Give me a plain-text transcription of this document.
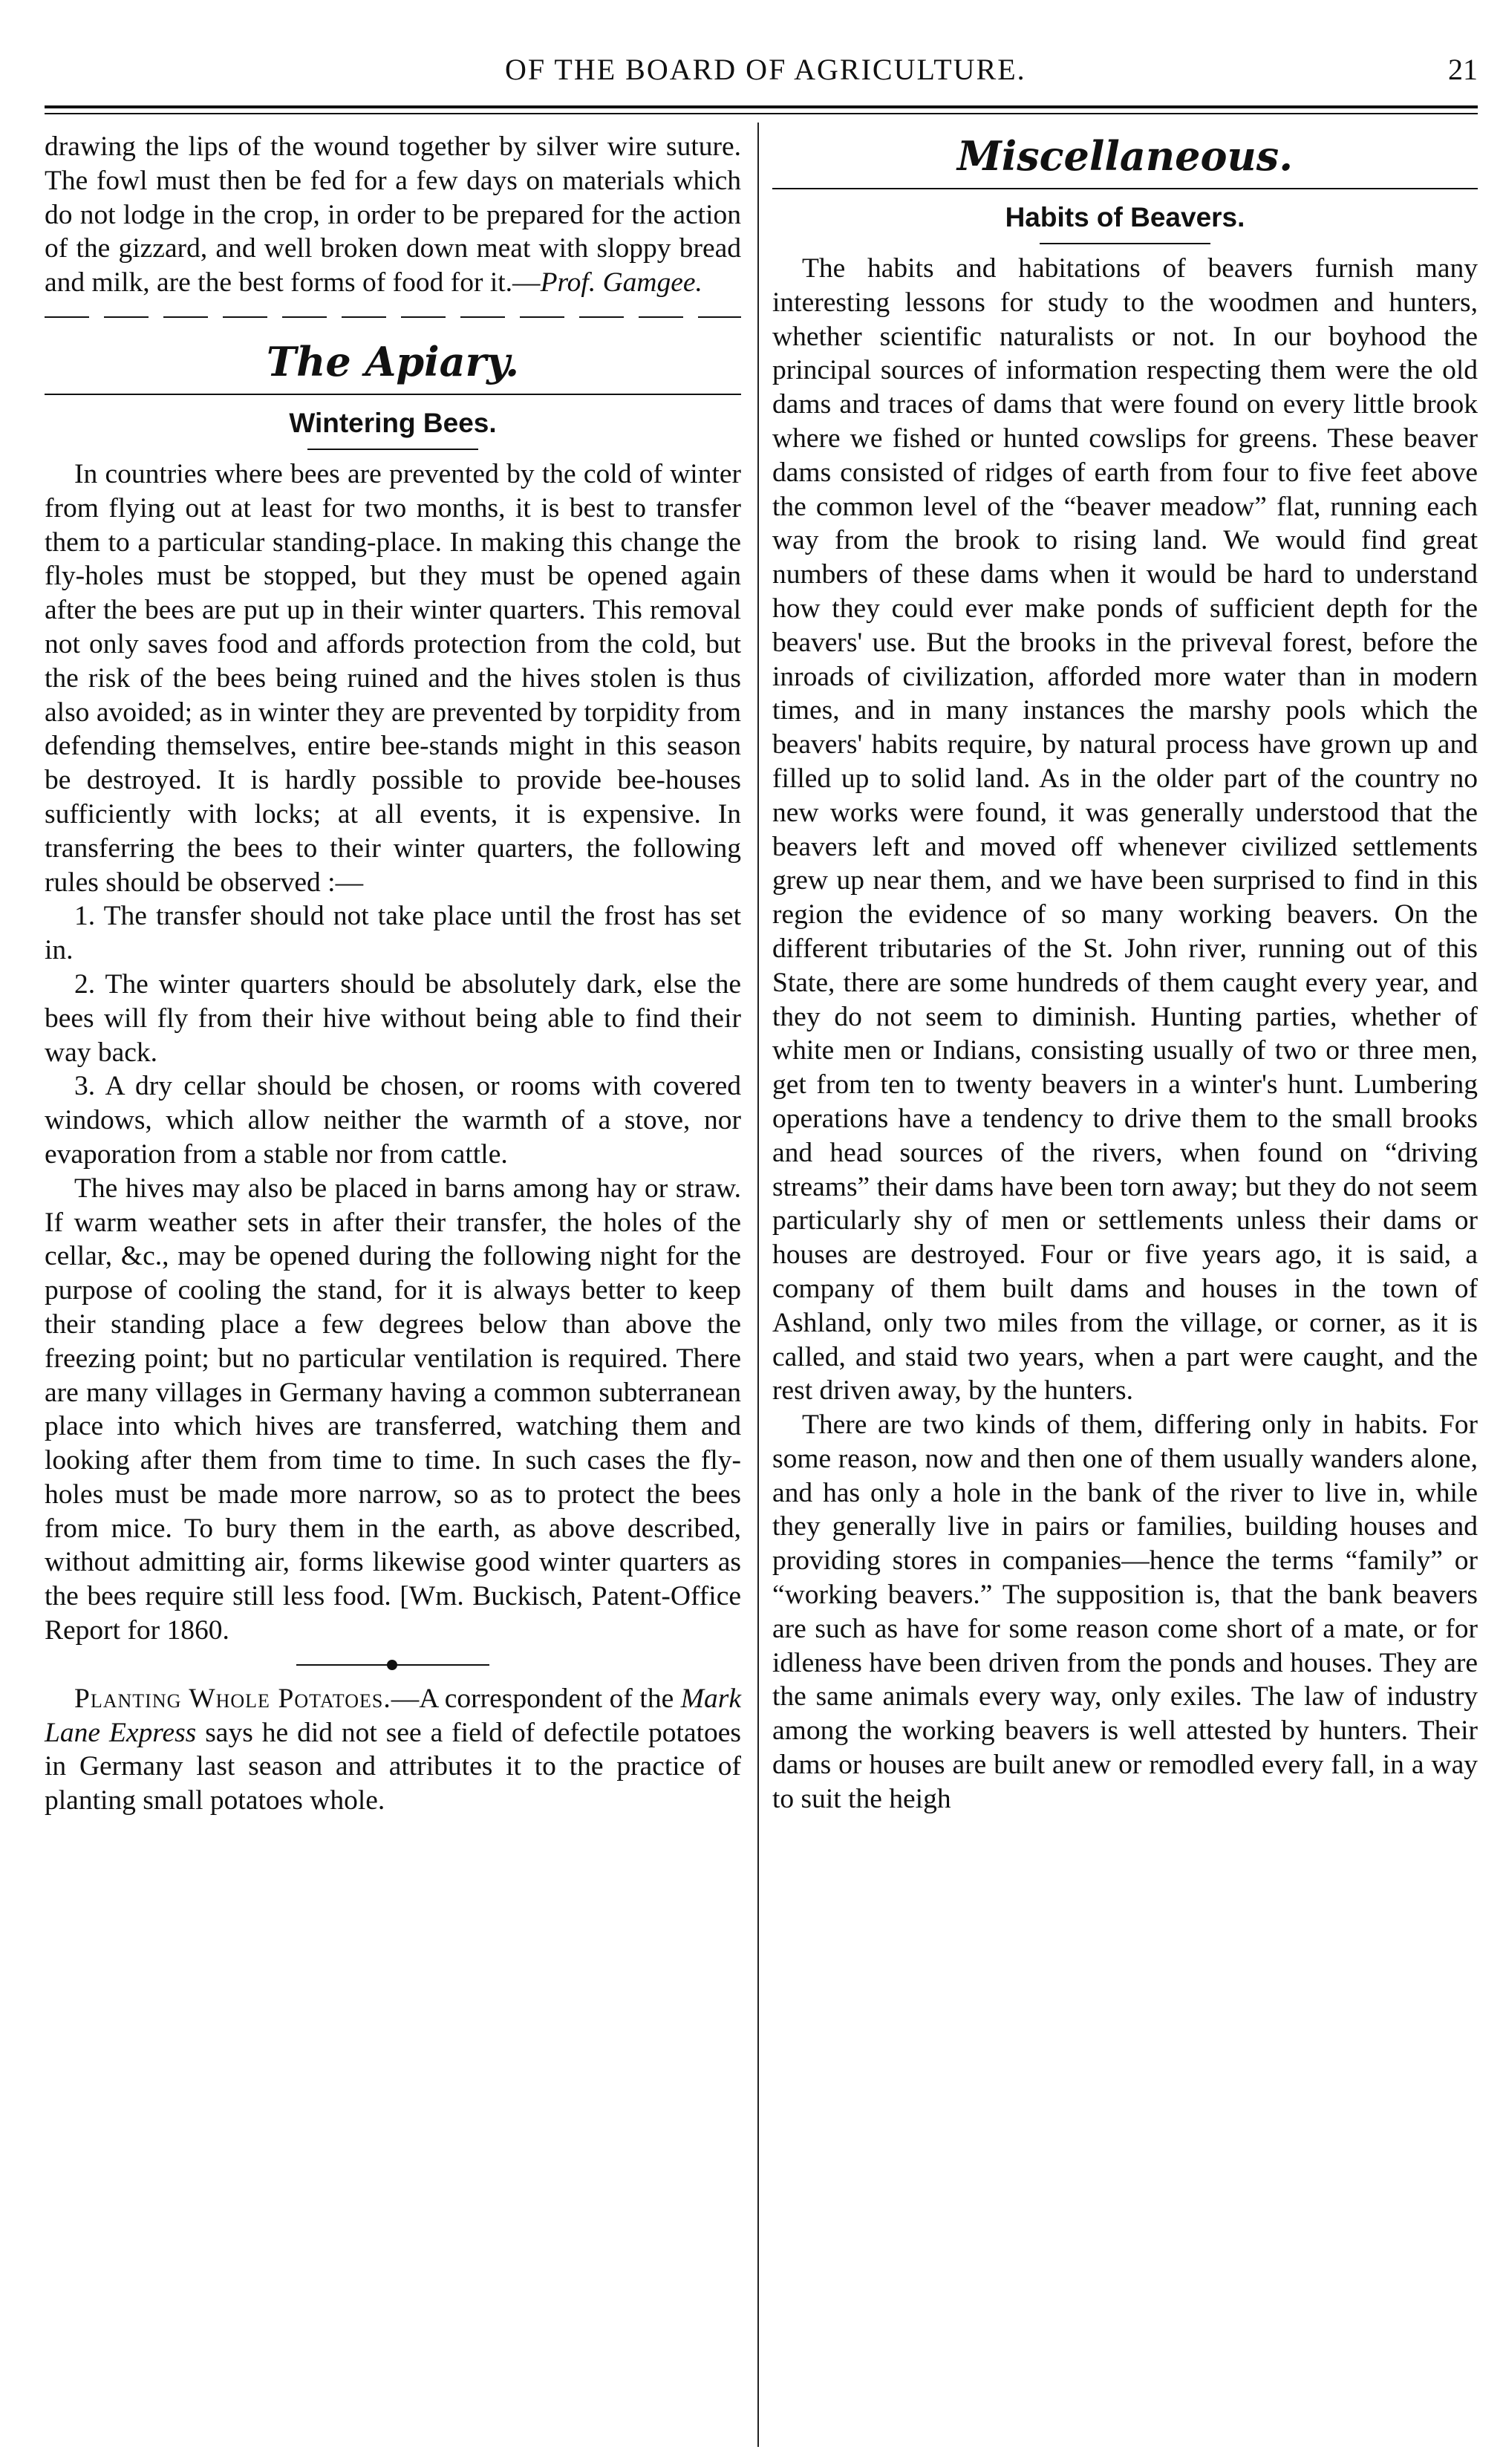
OF THE BOARD OF AGRICULTURE.	21

drawing the lips of the wound together by silver wire suture. The fowl must then be fed for a few days on materials which do not lodge in the crop, in order to be prepared for the action of the gizzard, and well broken down meat with sloppy bread and milk, are the best forms of food for it.—Prof. Gamgee.

The Apiary.

Wintering Bees.

In countries where bees are prevented by the cold of winter from flying out at least for two months, it is best to transfer them to a particular standing-place. In making this change the fly-holes must be stopped, but they must be opened again after the bees are put up in their winter quarters. This removal not only saves food and affords protection from the cold, but the risk of the bees being ruined and the hives stolen is thus also avoided; as in winter they are prevented by torpidity from defending themselves, entire bee-stands might in this season be destroyed. It is hardly possible to provide bee-houses sufficiently with locks; at all events, it is expensive. In transferring the bees to their winter quarters, the following rules should be observed :—

1. The transfer should not take place until the frost has set in.

2. The winter quarters should be absolutely dark, else the bees will fly from their hive without being able to find their way back.

3. A dry cellar should be chosen, or rooms with covered windows, which allow neither the warmth of a stove, nor evaporation from a stable nor from cattle.

The hives may also be placed in barns among hay or straw. If warm weather sets in after their transfer, the holes of the cellar, &c., may be opened during the following night for the purpose of cooling the stand, for it is always better to keep their standing place a few degrees below than above the freezing point; but no particular ventilation is required. There are many villages in Germany having a common subterranean place into which hives are transferred, watching them and looking after them from time to time. In such cases the fly-holes must be made more narrow, so as to protect the bees from mice. To bury them in the earth, as above described, without admitting air, forms likewise good winter quarters as the bees require still less food. [Wm. Buckisch, Patent-Office Report for 1860.

Planting Whole Potatoes.—A correspondent of the Mark Lane Express says he did not see a field of defectile potatoes in Germany last season and attributes it to the practice of planting small potatoes whole.

Miscellaneous.

Habits of Beavers.

The habits and habitations of beavers furnish many interesting lessons for study to the woodmen and hunters, whether scientific naturalists or not. In our boyhood the principal sources of information respecting them were the old dams and traces of dams that were found on every little brook where we fished or hunted cowslips for greens. These beaver dams consisted of ridges of earth from four to five feet above the common level of the “beaver meadow” flat, running each way from the brook to rising land. We would find great numbers of these dams when it would be hard to understand how they could ever make ponds of sufficient depth for the beavers' use. But the brooks in the priveval forest, before the inroads of civilization, afforded more water than in modern times, and in many instances the marshy pools which the beavers' habits require, by natural process have grown up and filled up to solid land. As in the older part of the country no new works were found, it was generally understood that the beavers left and moved off whenever civilized settlements grew up near them, and we have been surprised to find in this region the evidence of so many working beavers. On the different tributaries of the St. John river, running out of this State, there are some hundreds of them caught every year, and they do not seem to diminish. Hunting parties, whether of white men or Indians, consisting usually of two or three men, get from ten to twenty beavers in a winter's hunt. Lumbering operations have a tendency to drive them to the small brooks and head sources of the rivers, when found on “driving streams” their dams have been torn away; but they do not seem particularly shy of men or settlements unless their dams or houses are destroyed. Four or five years ago, it is said, a company of them built dams and houses in the town of Ashland, only two miles from the village, or corner, as it is called, and staid two years, when a part were caught, and the rest driven away, by the hunters.

There are two kinds of them, differing only in habits. For some reason, now and then one of them usually wanders alone, and has only a hole in the bank of the river to live in, while they generally live in pairs or families, building houses and providing stores in companies—hence the terms “family” or “working beavers.” The supposition is, that the bank beavers are such as have for some reason come short of a mate, or for idleness have been driven from the ponds and houses. They are the same animals every way, only exiles. The law of industry among the working beavers is well attested by hunters. Their dams or houses are built anew or remodled every fall, in a way to suit the heigh
